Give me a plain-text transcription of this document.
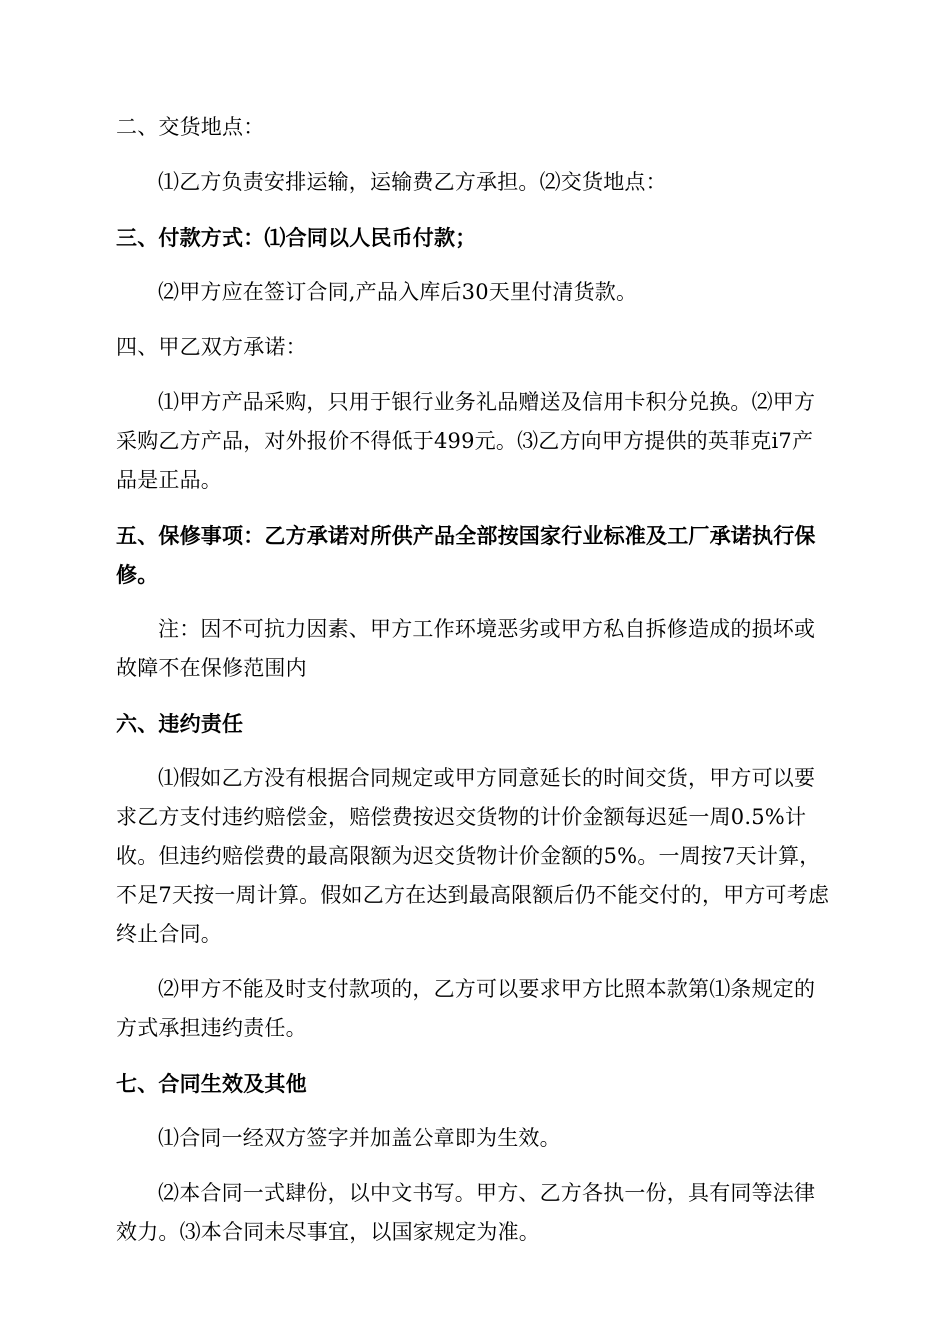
二、交货地点：

⑴乙方负责安排运输，运输费乙方承担。⑵交货地点：

三、付款方式：⑴合同以人民币付款；

⑵甲方应在签订合同,产品入库后30天里付清货款。

四、甲乙双方承诺：

⑴甲方产品采购，只用于银行业务礼品赠送及信用卡积分兑换。⑵甲方采购乙方产品，对外报价不得低于499元。⑶乙方向甲方提供的英菲克i7产品是正品。

五、保修事项：乙方承诺对所供产品全部按国家行业标准及工厂承诺执行保修。

注：因不可抗力因素、甲方工作环境恶劣或甲方私自拆修造成的损坏或故障不在保修范围内

六、违约责任

⑴假如乙方没有根据合同规定或甲方同意延长的时间交货，甲方可以要求乙方支付违约赔偿金，赔偿费按迟交货物的计价金额每迟延一周0.5%计收。但违约赔偿费的最高限额为迟交货物计价金额的5%。一周按7天计算，不足7天按一周计算。假如乙方在达到最高限额后仍不能交付的，甲方可考虑终止合同。

⑵甲方不能及时支付款项的，乙方可以要求甲方比照本款第⑴条规定的方式承担违约责任。

七、合同生效及其他

⑴合同一经双方签字并加盖公章即为生效。

⑵本合同一式肆份，以中文书写。甲方、乙方各执一份，具有同等法律效力。⑶本合同未尽事宜，以国家规定为准。
